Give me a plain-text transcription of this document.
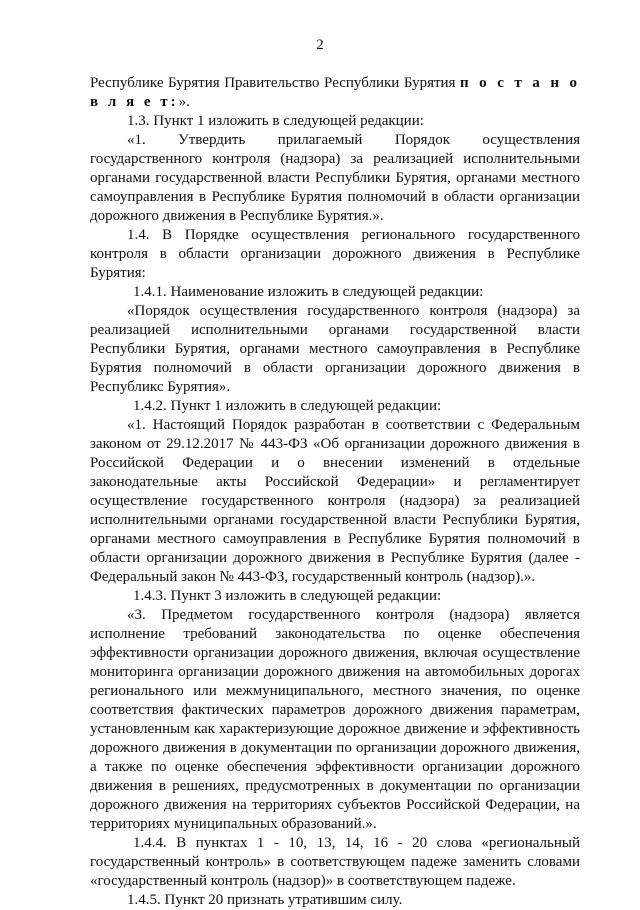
2

Республике Бурятия Правительство Республики Бурятия п о с т а н о в л я е т:».

1.3. Пункт 1 изложить в следующей редакции:

«1. Утвердить прилагаемый Порядок осуществления государственного контроля (надзора) за реализацией исполнительными органами государственной власти Республики Бурятия, органами местного самоуправления в Республике Бурятия полномочий в области организации дорожного движения в Республике Бурятия.».

1.4. В Порядке осуществления регионального государственного контроля в области организации дорожного движения в Республике Бурятия:

1.4.1. Наименование изложить в следующей редакции:

«Порядок осуществления государственного контроля (надзора) за реализацией исполнительными органами государственной власти Республики Бурятия, органами местного самоуправления в Республике Бурятия полномочий в области организации дорожного движения в Республикс Бурятия».

1.4.2. Пункт 1 изложить в следующей редакции:

«1. Настоящий Порядок разработан в соответствии с Федеральным законом от 29.12.2017 № 443-ФЗ «Об организации дорожного движения в Российской Федерации и о внесении изменений в отдельные законодательные акты Российской Федерации» и регламентирует осуществление государственного контроля (надзора) за реализацией исполнительными органами государственной власти Республики Бурятия, органами местного самоуправления в Республике Бурятия полномочий в области организации дорожного движения в Республике Бурятия (далее - Федеральный закон № 443-ФЗ, государственный контроль (надзор).».

1.4.3. Пункт 3 изложить в следующей редакции:

«3. Предметом государственного контроля (надзора) является исполнение требований законодательства по оценке обеспечения эффективности организации дорожного движения, включая осуществление мониторинга организации дорожного движения на автомобильных дорогах регионального или межмуниципального, местного значения, по оценке соответствия фактических параметров дорожного движения параметрам, установленным как характеризующие дорожное движение и эффективность дорожного движения в документации по организации дорожного движения, а также по оценке обеспечения эффективности организации дорожного движения в решениях, предусмотренных в документации по организации дорожного движения на территориях субъектов Российской Федерации, на территориях муниципальных образований.».

1.4.4. В пунктах 1 - 10, 13, 14, 16 - 20 слова «региональный государственный контроль» в соответствующем падеже заменить словами «государственный контроль (надзор)» в соответствующем падеже.

1.4.5. Пункт 20 признать утратившим силу.
